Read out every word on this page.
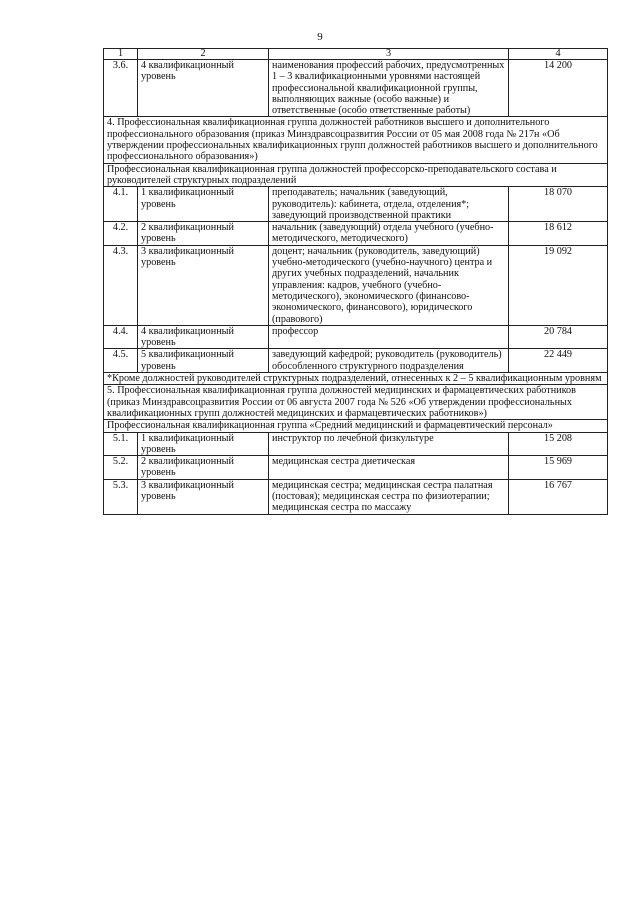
9
1	2	3	4
3.6.	4 квалификационный уровень	наименования профессий рабочих, предусмотренных 1 – 3 квалификационными уровнями настоящей профессиональной квалификационной группы, выполняющих важные (особо важные) и ответственные (особо ответственные работы)	14 200
4. Профессиональная квалификационная группа должностей работников высшего и дополнительного профессионального образования (приказ Минздравсоцразвития России от 05 мая 2008 года № 217н «Об утверждении профессиональных квалификационных групп должностей работников высшего и дополнительного профессионального образования»)			
Профессиональная квалификационная группа должностей профессорско-преподавательского состава и руководителей структурных подразделений			
4.1.	1 квалификационный уровень	преподаватель; начальник (заведующий, руководитель): кабинета, отдела, отделения*; заведующий производственной практики	18 070
4.2.	2 квалификационный уровень	начальник (заведующий) отдела учебного (учебно-методического, методического)	18 612
4.3.	3 квалификационный уровень	доцент; начальник (руководитель, заведующий) учебно-методического (учебно-научного) центра и других учебных подразделений, начальник управления: кадров, учебного (учебно-методического), экономического (финансово-экономического, финансового), юридического (правового)	19 092
4.4.	4 квалификационный уровень	профессор	20 784
4.5.	5 квалификационный уровень	заведующий кафедрой; руководитель (руководитель) обособленного структурного подразделения	22 449
*Кроме должностей руководителей структурных подразделений, отнесенных к 2 – 5 квалификационным уровням			
5. Профессиональная квалификационная группа должностей медицинских и фармацевтических работников (приказ Минздравсоцразвития России от 06 августа 2007 года № 526 «Об утверждении профессиональных квалификационных групп должностей медицинских и фармацевтических работников»)			
Профессиональная квалификационная группа «Средний медицинский и фармацевтический персонал»			
5.1.	1 квалификационный уровень	инструктор по лечебной физкультуре	15 208
5.2.	2 квалификационный уровень	медицинская сестра диетическая	15 969
5.3.	3 квалификационный уровень	медицинская сестра; медицинская сестра палатная (постовая); медицинская сестра по физиотерапии; медицинская сестра по массажу	16 767
